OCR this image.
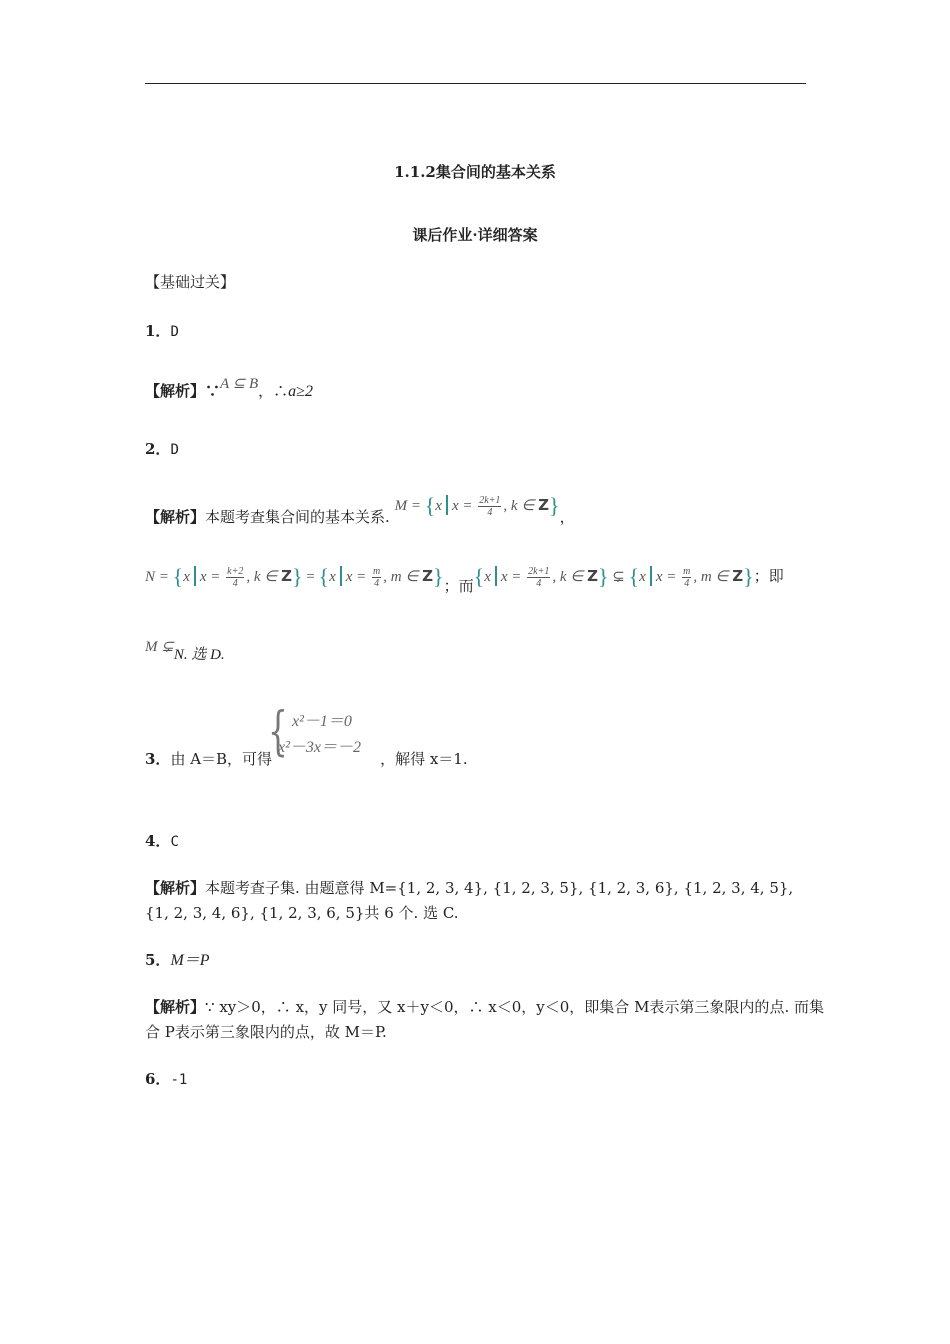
1.1.2集合间的基本关系
课后作业·详细答案
【基础过关】
1．D
【解析】∵A ⊆ B，∴a≥2
2．D
【解析】本题考查集合间的基本关系. M = {x $x = \frac{2k+1}{4}$ , k ∈ Z}，
N = {x $x = \frac{k+2}{4}$ , k ∈ Z} = {x $x = \frac{m}{4}$ , m ∈ Z}；而{x $x = \frac{2k+1}{4}$ , k ∈ Z} ⊊ {x $x = \frac{m}{4}$ , m ∈ Z}；即
M ⊊N. 选 D.
{ x²－1＝0
x²－3x＝－2
3．由 A＝B，可得	，解得 x＝1.
4．C
【解析】本题考查子集. 由题意得 M={1, 2, 3, 4}, {1, 2, 3, 5}, {1, 2, 3, 6}, {1, 2, 3, 4, 5},
{1, 2, 3, 4, 6}, {1, 2, 3, 6, 5}共 6 个. 选 C.
5．M＝P
【解析】∵ xy＞0，∴ x，y 同号，又 x＋y＜0，∴ x＜0，y＜0，即集合 M表示第三象限内的点. 而集
合 P表示第三象限内的点，故 M＝P.
6．-1
